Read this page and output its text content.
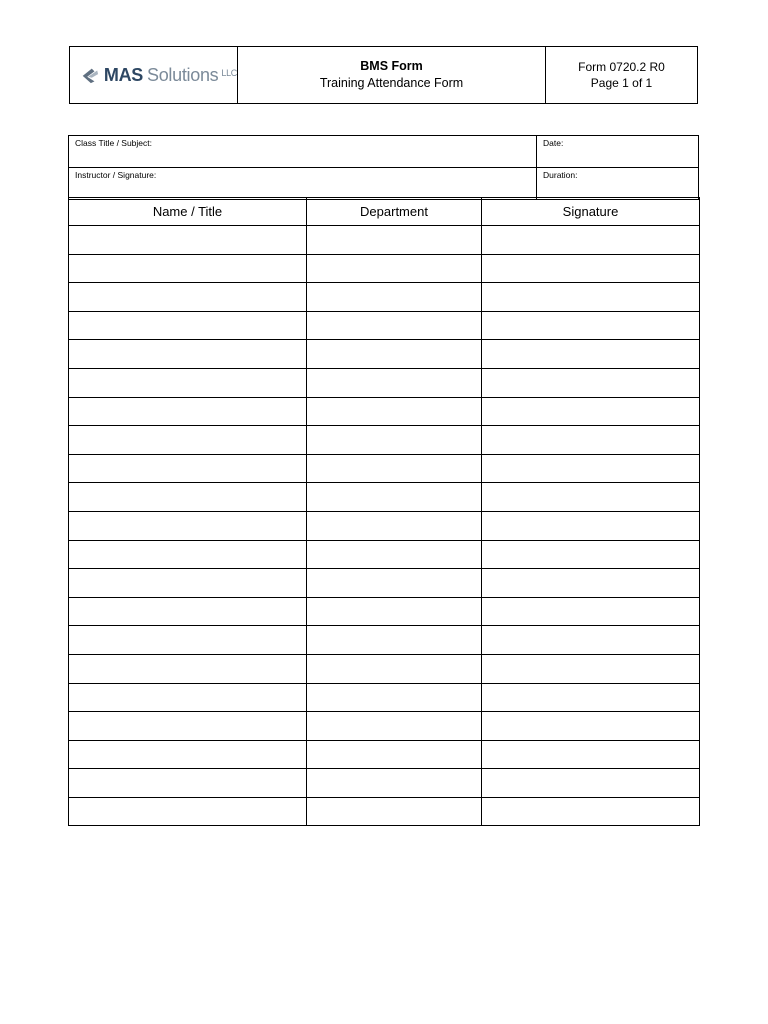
MAS Solutions $^{LLC}$	BMS Form
Training Attendance Form
Form 0720.2 R0
Page 1 of 1
Class Title / Subject:	Date:
Instructor / Signature:	Duration:
Name / Title	Department	Signature
